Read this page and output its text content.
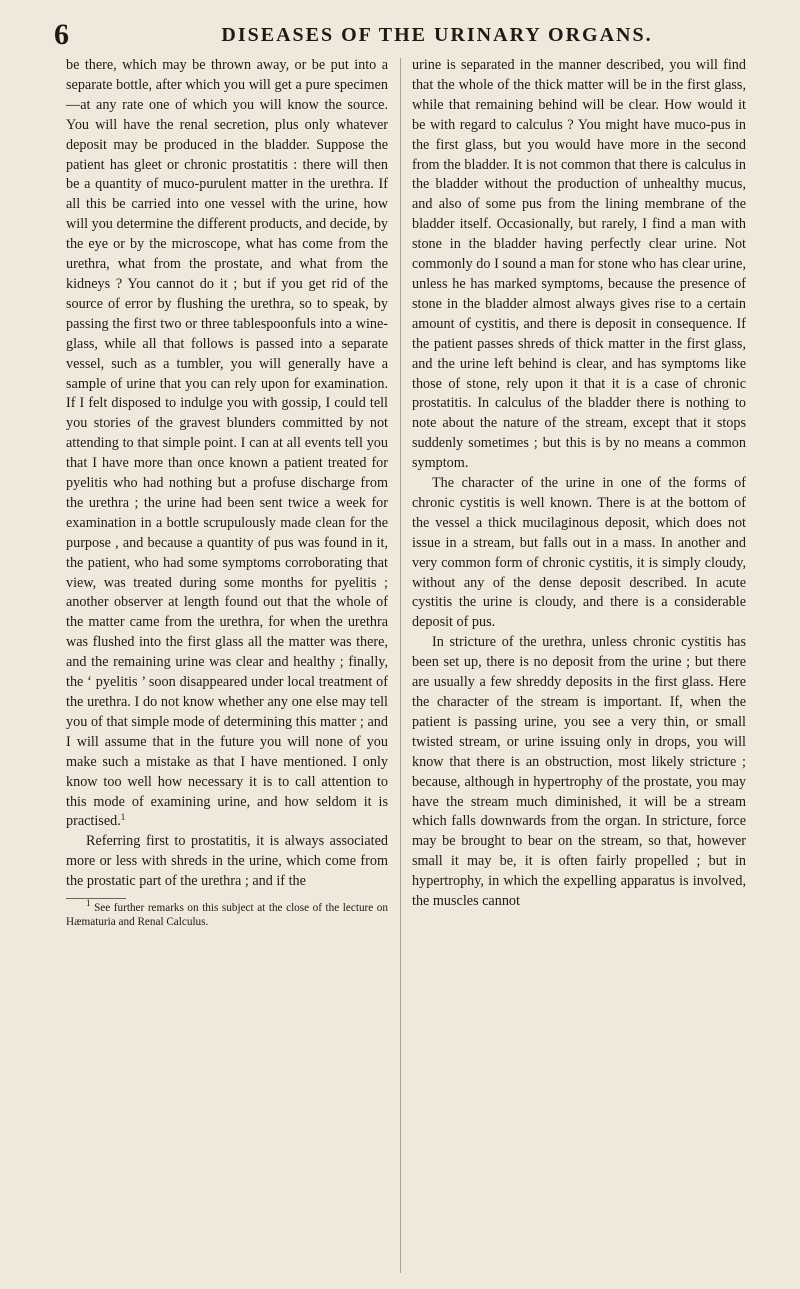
6	DISEASES OF THE URINARY ORGANS.

be there, which may be thrown away, or be put into a separate bottle, after which you will get a pure specimen—at any rate one of which you will know the source. You will have the renal secretion, plus only whatever deposit may be produced in the bladder. Suppose the patient has gleet or chronic prostatitis : there will then be a quantity of muco-purulent matter in the urethra. If all this be carried into one vessel with the urine, how will you determine the different products, and decide, by the eye or by the microscope, what has come from the urethra, what from the prostate, and what from the kidneys ? You cannot do it ; but if you get rid of the source of error by flushing the urethra, so to speak, by passing the first two or three tablespoonfuls into a wine-glass, while all that follows is passed into a separate vessel, such as a tumbler, you will generally have a sample of urine that you can rely upon for examination. If I felt disposed to indulge you with gossip, I could tell you stories of the gravest blunders committed by not attending to that simple point. I can at all events tell you that I have more than once known a patient treated for pyelitis who had nothing but a profuse discharge from the urethra ; the urine had been sent twice a week for examination in a bottle scrupulously made clean for the purpose , and because a quantity of pus was found in it, the patient, who had some symptoms corroborating that view, was treated during some months for pyelitis ; another observer at length found out that the whole of the matter came from the urethra, for when the urethra was flushed into the first glass all the matter was there, and the remaining urine was clear and healthy ; finally, the ‘ pyelitis ’ soon disappeared under local treatment of the urethra. I do not know whether any one else may tell you of that simple mode of determining this matter ; and I will assume that in the future you will none of you make such a mistake as that I have mentioned. I only know too well how necessary it is to call attention to this mode of examining urine, and how seldom it is practised.$^1$

Referring first to prostatitis, it is always associated more or less with shreds in the urine, which come from the prostatic part of the urethra ; and if the

$^1$ See further remarks on this subject at the close of the lecture on Hæmaturia and Renal Calculus.

urine is separated in the manner described, you will find that the whole of the thick matter will be in the first glass, while that remaining behind will be clear. How would it be with regard to calculus ? You might have muco-pus in the first glass, but you would have more in the second from the bladder. It is not common that there is calculus in the bladder without the production of unhealthy mucus, and also of some pus from the lining membrane of the bladder itself. Occasionally, but rarely, I find a man with stone in the bladder having perfectly clear urine. Not commonly do I sound a man for stone who has clear urine, unless he has marked symptoms, because the presence of stone in the bladder almost always gives rise to a certain amount of cystitis, and there is deposit in consequence. If the patient passes shreds of thick matter in the first glass, and the urine left behind is clear, and has symptoms like those of stone, rely upon it that it is a case of chronic prostatitis. In calculus of the bladder there is nothing to note about the nature of the stream, except that it stops suddenly sometimes ; but this is by no means a common symptom.

The character of the urine in one of the forms of chronic cystitis is well known. There is at the bottom of the vessel a thick mucilaginous deposit, which does not issue in a stream, but falls out in a mass. In another and very common form of chronic cystitis, it is simply cloudy, without any of the dense deposit described. In acute cystitis the urine is cloudy, and there is a considerable deposit of pus.

In stricture of the urethra, unless chronic cystitis has been set up, there is no deposit from the urine ; but there are usually a few shreddy deposits in the first glass. Here the character of the stream is important. If, when the patient is passing urine, you see a very thin, or small twisted stream, or urine issuing only in drops, you will know that there is an obstruction, most likely stricture ; because, although in hypertrophy of the prostate, you may have the stream much diminished, it will be a stream which falls downwards from the organ. In stricture, force may be brought to bear on the stream, so that, however small it may be, it is often fairly propelled ; but in hypertrophy, in which the expelling apparatus is involved, the muscles cannot
